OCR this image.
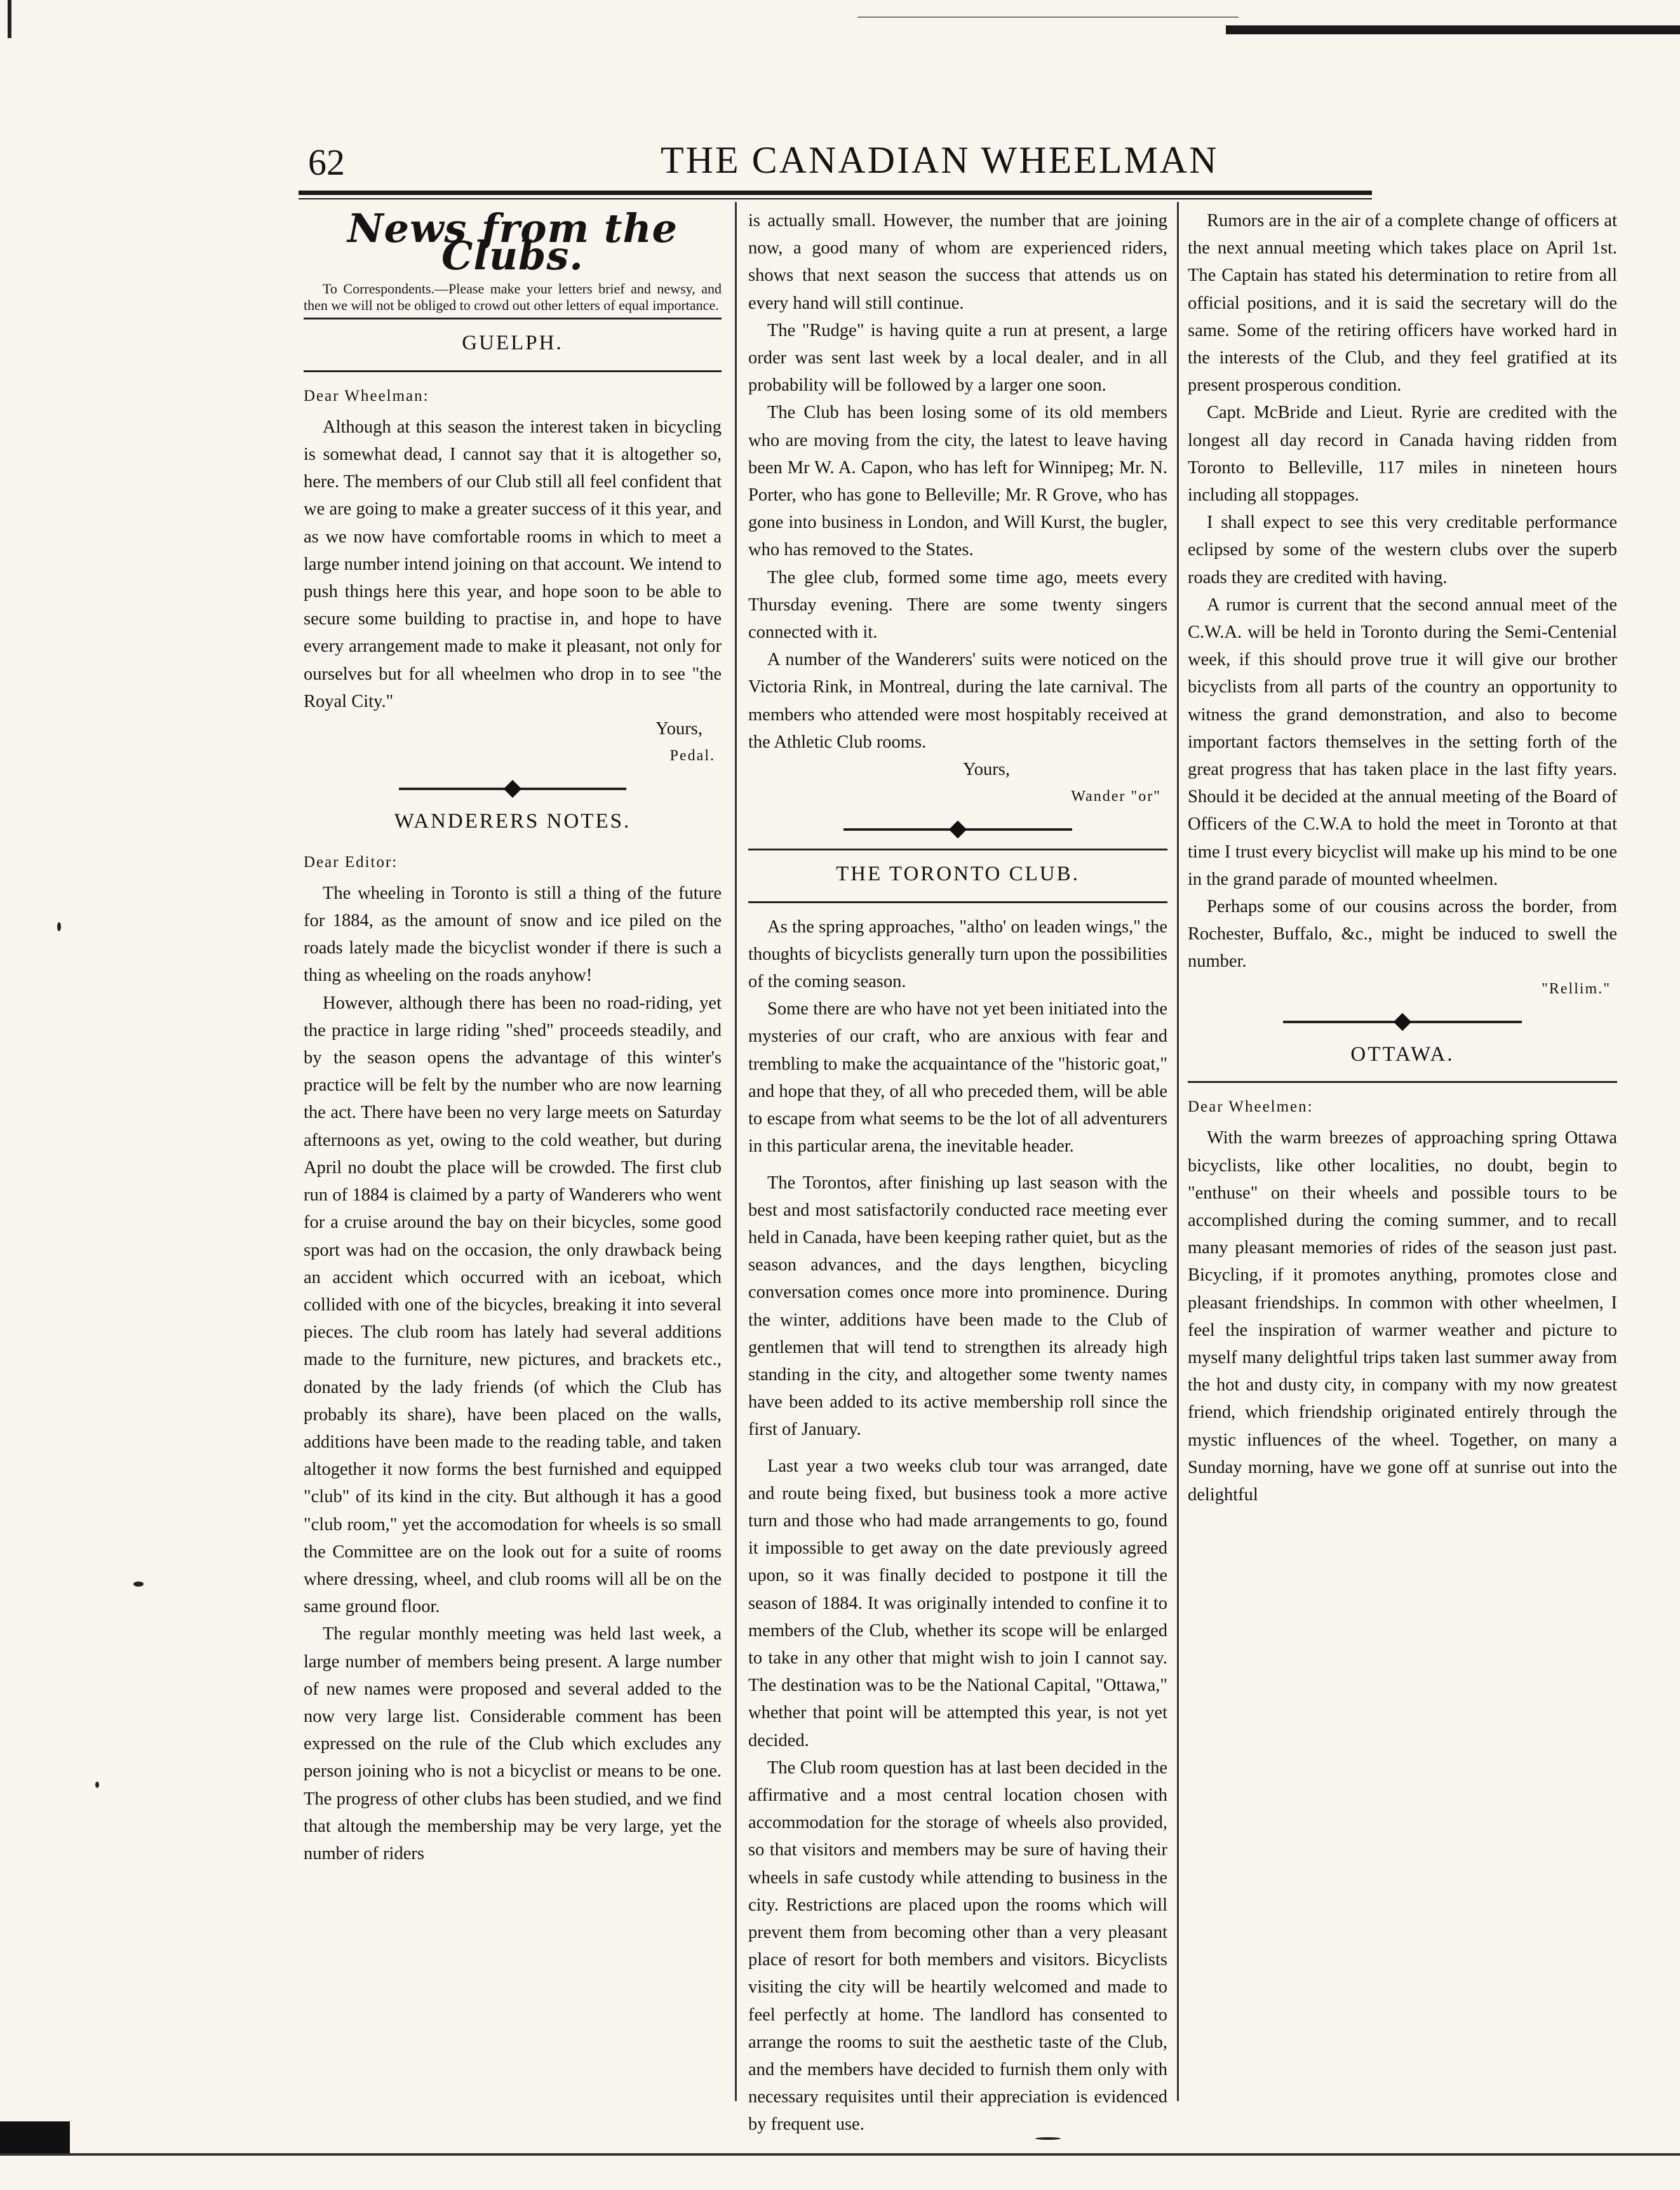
62	THE CANADIAN WHEELMAN
News from the Clubs.

To Correspondents.—Please make your letters brief and newsy, and then we will not be obliged to crowd out other letters of equal importance.

GUELPH.
Dear Wheelman:

Although at this season the interest taken in bicycling is somewhat dead, I cannot say that it is altogether so, here. The members of our Club still all feel confident that we are going to make a greater success of it this year, and as we now have comfortable rooms in which to meet a large number intend joining on that account. We intend to push things here this year, and hope soon to be able to secure some building to practise in, and hope to have every arrangement made to make it pleasant, not only for ourselves but for all wheelmen who drop in to see "the Royal City."

Yours,

Pedal.

WANDERERS NOTES.
Dear Editor:

The wheeling in Toronto is still a thing of the future for 1884, as the amount of snow and ice piled on the roads lately made the bicyclist wonder if there is such a thing as wheeling on the roads anyhow!

However, although there has been no road-riding, yet the practice in large riding "shed" proceeds steadily, and by the season opens the advantage of this winter's practice will be felt by the number who are now learning the act. There have been no very large meets on Saturday afternoons as yet, owing to the cold weather, but during April no doubt the place will be crowded. The first club run of 1884 is claimed by a party of Wanderers who went for a cruise around the bay on their bicycles, some good sport was had on the occasion, the only drawback being an accident which occurred with an iceboat, which collided with one of the bicycles, breaking it into several pieces. The club room has lately had several additions made to the furniture, new pictures, and brackets etc., donated by the lady friends (of which the Club has probably its share), have been placed on the walls, additions have been made to the reading table, and taken altogether it now forms the best furnished and equipped "club" of its kind in the city. But although it has a good "club room," yet the accomodation for wheels is so small the Committee are on the look out for a suite of rooms where dressing, wheel, and club rooms will all be on the same ground floor.

The regular monthly meeting was held last week, a large number of members being present. A large number of new names were proposed and several added to the now very large list. Considerable comment has been expressed on the rule of the Club which excludes any person joining who is not a bicyclist or means to be one. The progress of other clubs has been studied, and we find that altough the membership may be very large, yet the number of riders

is actually small. However, the number that are joining now, a good many of whom are experienced riders, shows that next season the success that attends us on every hand will still continue.

The "Rudge" is having quite a run at present, a large order was sent last week by a local dealer, and in all probability will be followed by a larger one soon.

The Club has been losing some of its old members who are moving from the city, the latest to leave having been Mr W. A. Capon, who has left for Winnipeg; Mr. N. Porter, who has gone to Belleville; Mr. R Grove, who has gone into business in London, and Will Kurst, the bugler, who has removed to the States.

The glee club, formed some time ago, meets every Thursday evening. There are some twenty singers connected with it.

A number of the Wanderers' suits were noticed on the Victoria Rink, in Montreal, during the late carnival. The members who attended were most hospitably received at the Athletic Club rooms.

Yours,

Wander "or"

THE TORONTO CLUB.

As the spring approaches, "altho' on leaden wings," the thoughts of bicyclists generally turn upon the possibilities of the coming season.

Some there are who have not yet been initiated into the mysteries of our craft, who are anxious with fear and trembling to make the acquaintance of the "historic goat," and hope that they, of all who preceded them, will be able to escape from what seems to be the lot of all adventurers in this particular arena, the inevitable header.

The Torontos, after finishing up last season with the best and most satisfactorily conducted race meeting ever held in Canada, have been keeping rather quiet, but as the season advances, and the days lengthen, bicycling conversation comes once more into prominence. During the winter, additions have been made to the Club of gentlemen that will tend to strengthen its already high standing in the city, and altogether some twenty names have been added to its active membership roll since the first of January.

Last year a two weeks club tour was arranged, date and route being fixed, but business took a more active turn and those who had made arrangements to go, found it impossible to get away on the date previously agreed upon, so it was finally decided to postpone it till the season of 1884. It was originally intended to confine it to members of the Club, whether its scope will be enlarged to take in any other that might wish to join I cannot say. The destination was to be the National Capital, "Ottawa," whether that point will be attempted this year, is not yet decided.

The Club room question has at last been decided in the affirmative and a most central location chosen with accommodation for the storage of wheels also provided, so that visitors and members may be sure of having their wheels in safe custody while attending to business in the city. Restrictions are placed upon the rooms which will prevent them from becoming other than a very pleasant place of resort for both members and visitors. Bicyclists visiting the city will be heartily welcomed and made to feel perfectly at home. The landlord has consented to arrange the rooms to suit the aesthetic taste of the Club, and the members have decided to furnish them only with necessary requisites until their appreciation is evidenced by frequent use.

Rumors are in the air of a complete change of officers at the next annual meeting which takes place on April 1st. The Captain has stated his determination to retire from all official positions, and it is said the secretary will do the same. Some of the retiring officers have worked hard in the interests of the Club, and they feel gratified at its present prosperous condition.

Capt. McBride and Lieut. Ryrie are credited with the longest all day record in Canada having ridden from Toronto to Belleville, 117 miles in nineteen hours including all stoppages.

I shall expect to see this very creditable performance eclipsed by some of the western clubs over the superb roads they are credited with having.

A rumor is current that the second annual meet of the C.W.A. will be held in Toronto during the Semi-Centenial week, if this should prove true it will give our brother bicyclists from all parts of the country an opportunity to witness the grand demonstration, and also to become important factors themselves in the setting forth of the great progress that has taken place in the last fifty years. Should it be decided at the annual meeting of the Board of Officers of the C.W.A to hold the meet in Toronto at that time I trust every bicyclist will make up his mind to be one in the grand parade of mounted wheelmen.

Perhaps some of our cousins across the border, from Rochester, Buffalo, &c., might be induced to swell the number.

"Rellim."

OTTAWA.
Dear Wheelmen:

With the warm breezes of approaching spring Ottawa bicyclists, like other localities, no doubt, begin to "enthuse" on their wheels and possible tours to be accomplished during the coming summer, and to recall many pleasant memories of rides of the season just past. Bicycling, if it promotes anything, promotes close and pleasant friendships. In common with other wheelmen, I feel the inspiration of warmer weather and picture to myself many delightful trips taken last summer away from the hot and dusty city, in company with my now greatest friend, which friendship originated entirely through the mystic influences of the wheel. Together, on many a Sunday morning, have we gone off at sunrise out into the delightful
